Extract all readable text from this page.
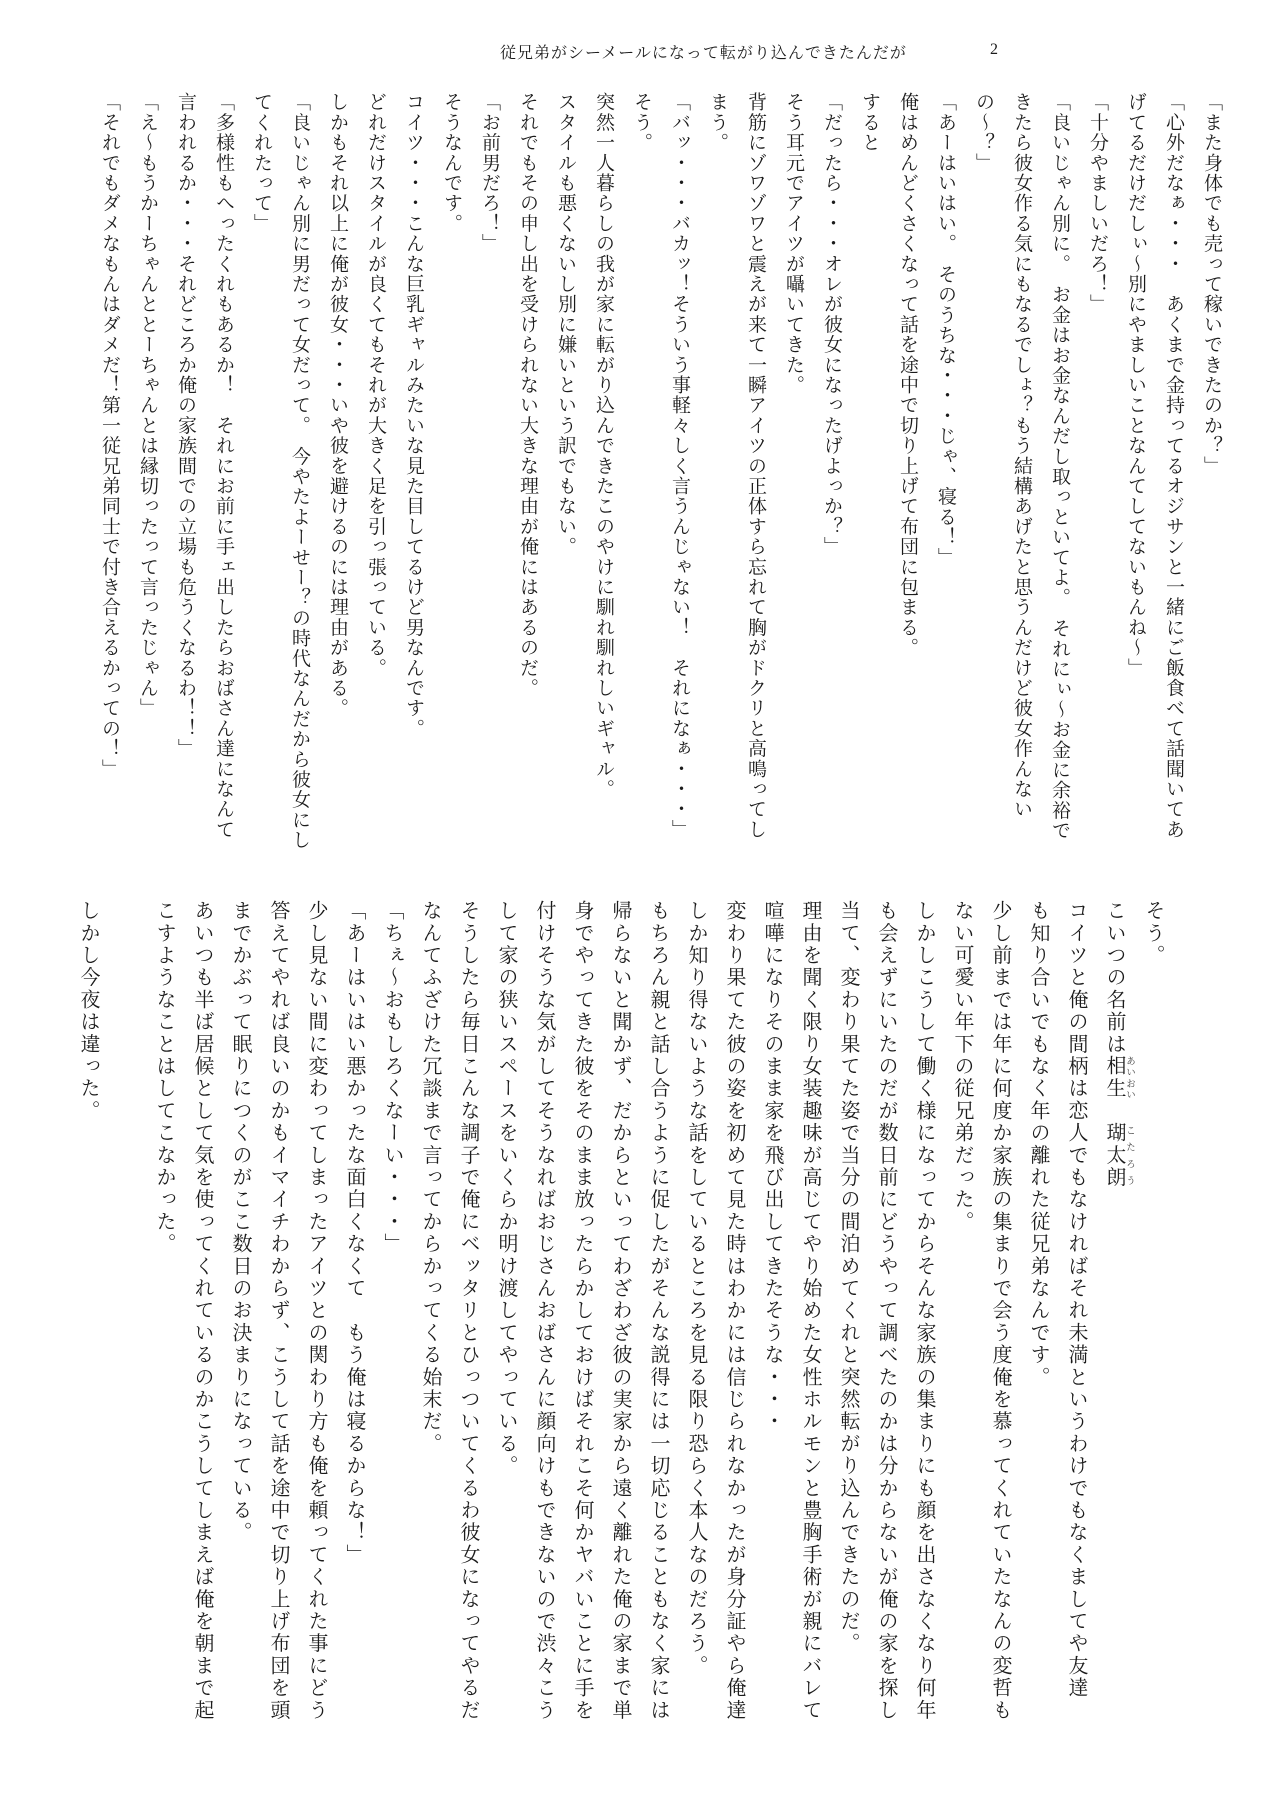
従兄弟がシーメールになって転がり込んできたんだが	2

「また身体でも売って稼いできたのか？」

「心外だなぁ・・・　あくまで金持ってるオジサンと一緒にご飯食べて話聞いてあ

げてるだけだしぃ〜別にやましいことなんてしてないもんね〜」

「十分やましいだろ！」

「良いじゃん別に。　お金はお金なんだし取っといてよ。　それにぃ〜お金に余裕で

きたら彼女作る気にもなるでしょ？もう結構あげたと思うんだけど彼女作んない

の〜？」

「あーはいはい。　そのうちな・・・じゃ、寝る！」

俺はめんどくさくなって話を途中で切り上げて布団に包まる。

すると

「だったら・・・オレが彼女になったげよっか？」

そう耳元でアイツが囁いてきた。

背筋にゾワゾワと震えが来て一瞬アイツの正体すら忘れて胸がドクリと高鳴ってし

まう。

「バッ・・・バカッ！そういう事軽々しく言うんじゃない！　それになぁ・・・」

そう。

突然一人暮らしの我が家に転がり込んできたこのやけに馴れ馴れしいギャル。

スタイルも悪くないし別に嫌いという訳でもない。

それでもその申し出を受けられない大きな理由が俺にはあるのだ。

「お前男だろ！」

そうなんです。

コイツ・・・こんな巨乳ギャルみたいな見た目してるけど男なんです。

どれだけスタイルが良くてもそれが大きく足を引っ張っている。

しかもそれ以上に俺が彼女・・・いや彼を避けるのには理由がある。

「良いじゃん別に男だって女だって。　今やたよーせー？の時代なんだから彼女にし

てくれたって」

「多様性もへったくれもあるか！　それにお前に手ェ出したらおばさん達になんて

言われるか・・・それどころか俺の家族間での立場も危うくなるわ！！」

「え〜もうかーちゃんととーちゃんとは縁切ったって言ったじゃん」

「それでもダメなもんはダメだ！第一従兄弟同士で付き合えるかっての！」

そう。

こいつの名前は相生 あいおい　瑚太朗 こたろう

コイツと俺の間柄は恋人でもなければそれ未満というわけでもなくましてや友達

も知り合いでもなく年の離れた従兄弟なんです。

少し前までは年に何度か家族の集まりで会う度俺を慕ってくれていたなんの変哲も

ない可愛い年下の従兄弟だった。

しかしこうして働く様になってからそんな家族の集まりにも顔を出さなくなり何年

も会えずにいたのだが数日前にどうやって調べたのかは分からないが俺の家を探し

当て、変わり果てた姿で当分の間泊めてくれと突然転がり込んできたのだ。

理由を聞く限り女装趣味が高じてやり始めた女性ホルモンと豊胸手術が親にバレて

喧嘩になりそのまま家を飛び出してきたそうな・・・

変わり果てた彼の姿を初めて見た時はわかには信じられなかったが身分証やら俺達

しか知り得ないような話をしているところを見る限り恐らく本人なのだろう。

もちろん親と話し合うように促したがそんな説得には一切応じることもなく家には

帰らないと聞かず、だからといってわざわざ彼の実家から遠く離れた俺の家まで単

身でやってきた彼をそのまま放ったらかしておけばそれこそ何かヤバいことに手を

付けそうな気がしてそうなればおじさんおばさんに顔向けもできないので渋々こう

して家の狭いスペースをいくらか明け渡してやっている。

そうしたら毎日こんな調子で俺にベッタリとひっついてくるわ彼女になってやるだ

なんてふざけた冗談まで言ってからかってくる始末だ。

「ちぇ〜おもしろくなーい・・・」

「あーはいはい悪かったな面白くなくて　もう俺は寝るからな！」

少し見ない間に変わってしまったアイツとの関わり方も俺を頼ってくれた事にどう

答えてやれば良いのかもイマイチわからず、こうして話を途中で切り上げ布団を頭

までかぶって眠りにつくのがここ数日のお決まりになっている。

あいつも半ば居候として気を使ってくれているのかこうしてしまえば俺を朝まで起

こすようなことはしてこなかった。

しかし今夜は違った。
